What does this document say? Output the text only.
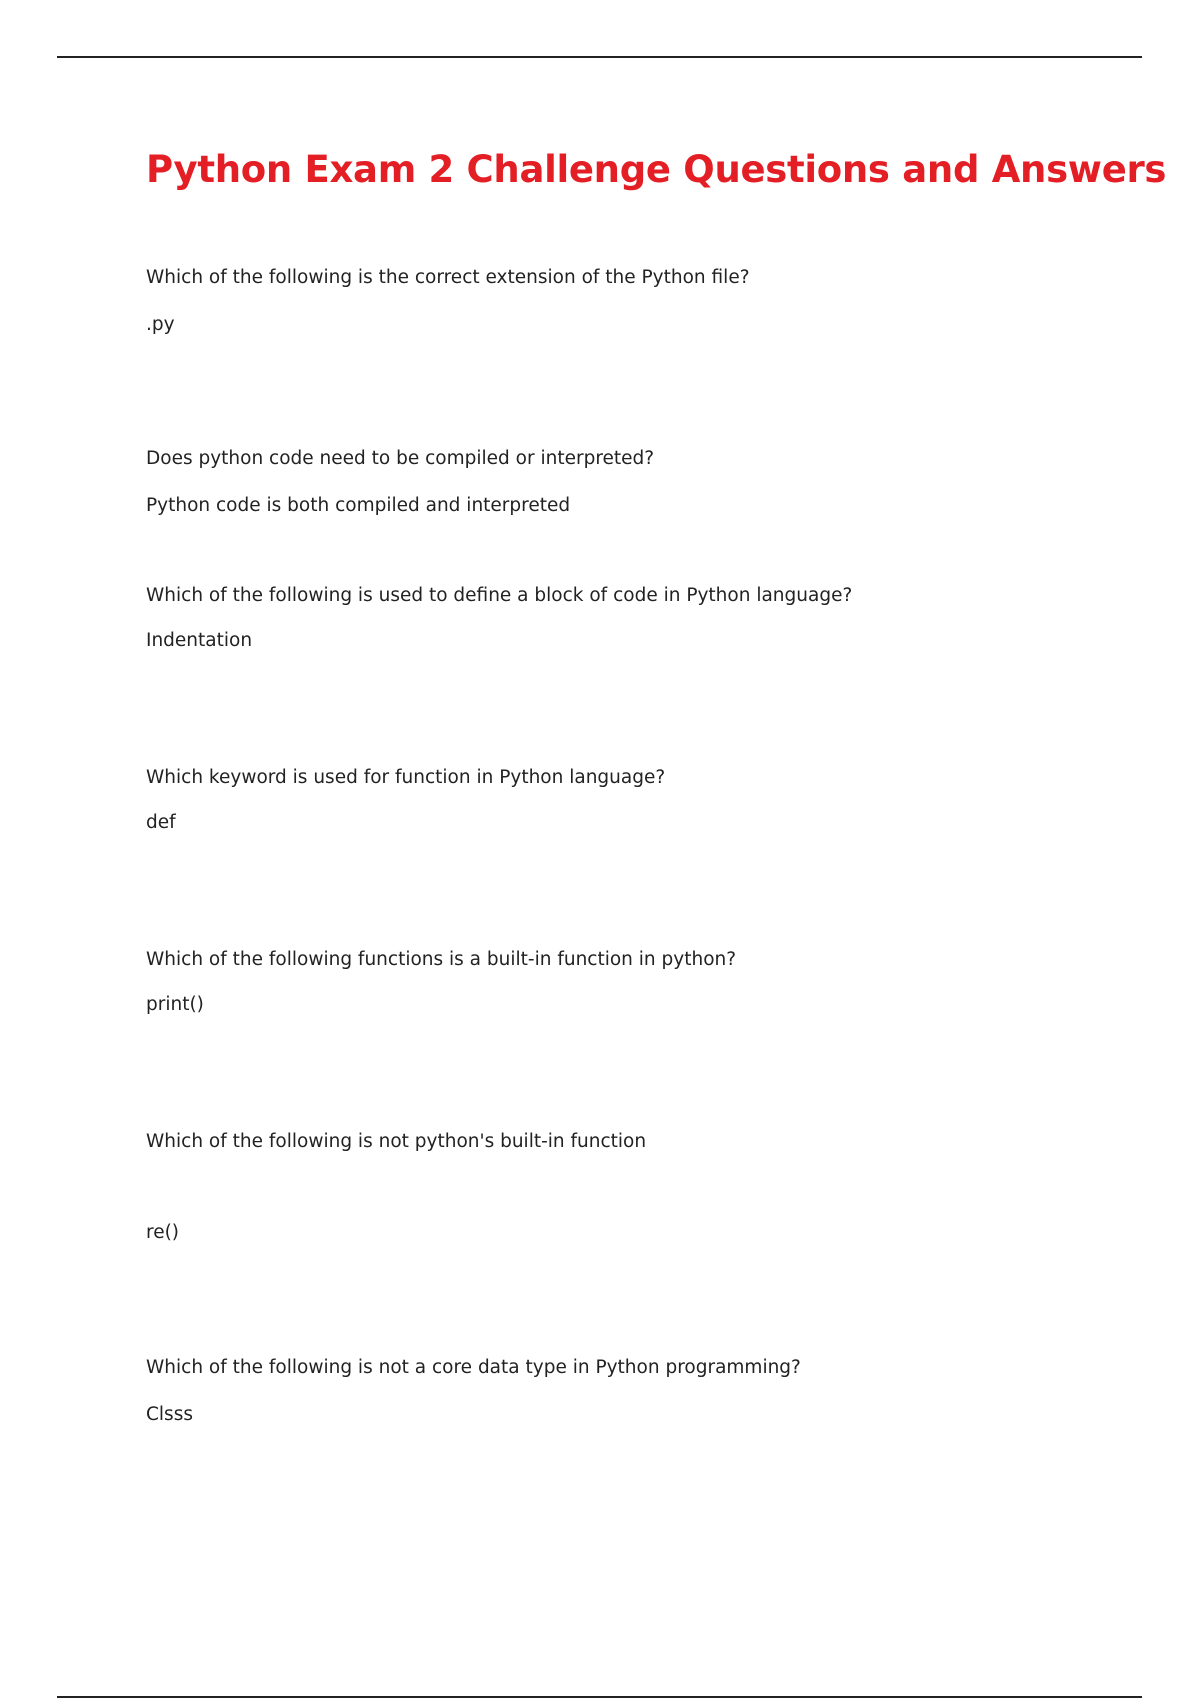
Python Exam 2 Challenge Questions and Answers
Which of the following is the correct extension of the Python file?
.py
Does python code need to be compiled or interpreted?
Python code is both compiled and interpreted
Which of the following is used to define a block of code in Python language?
Indentation
Which keyword is used for function in Python language?
def
Which of the following functions is a built-in function in python?
print()
Which of the following is not python's built-in function
re()
Which of the following is not a core data type in Python programming?
Clsss
